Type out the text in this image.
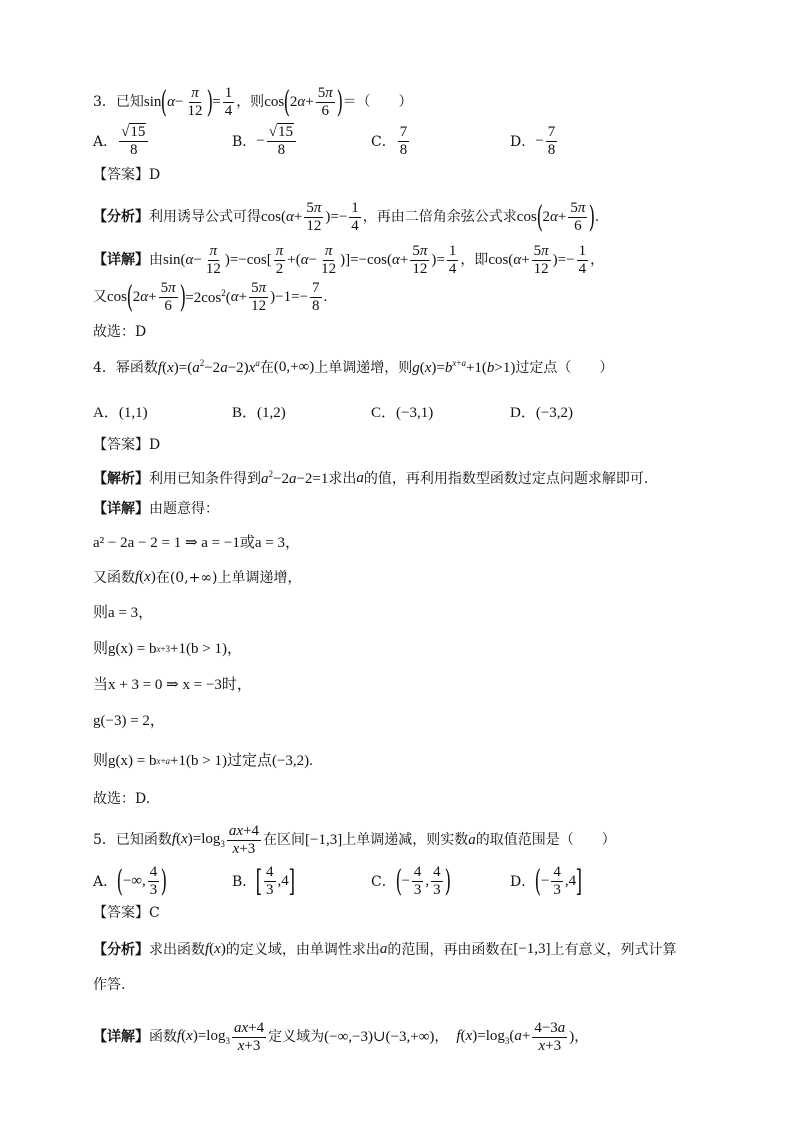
3．已知 sin ( $\alpha - \frac{\pi}{12}$ ) = $\frac{1}{4}$ ，则 cos ( 2 $\alpha + \frac{5\pi}{6}$ ) ＝（　　）
A． $\frac{√15}{8}$	B． − $\frac{√15}{8}$	C． $\frac{7}{8}$	D． − $\frac{7}{8}$
【答案】D
【分析】 利用诱导公式可得 cos( $\alpha + \frac{5\pi}{12}$ )=− $\frac{1}{4}$ ，再由二倍角余弦公式求 cos ( 2 $\alpha + \frac{5\pi}{6}$ ) .
【详解】 由 sin( $\alpha - \frac{\pi}{12} )=-\cos[ \frac{\pi}{2}$ +( $\alpha - \frac{\pi}{12} )]=-\cos$( $\alpha + \frac{5\pi}{12}$ )= $\frac{1}{4}$ ，即 cos( $\alpha + \frac{5\pi}{12}$ )=− $\frac{1}{4}$ ，
又 cos ( 2 $\alpha + \frac{5\pi}{6}$ ) $=2\cos^2$( $\alpha + \frac{5\pi}{12} )-1=- \frac{7}{8}$ .
故选：D
4．幂函数 $f(x)=(a^2-2a-2)x^a$ 在 (0,+∞) 上单调递增，则 $g(x)=b^{x+a}+1(b>1)$ 过定点（　　）
A．(1,1)	B．(1,2)	C．(−3,1)	D．(−3,2)
【答案】D
【解析】 利用已知条件得到 $a^2-2a-2=1$ 求出 a 的值，再利用指数型函数过定点问题求解即可.
【详解】 由题意得：
a² − 2a − 2 = 1 ⇒ a = −1或a = 3，
又函数 f(x) 在(0,+∞)上单调递增，
则a = 3，
则g(x) = b x+3 +1(b > 1)，
当x + 3 = 0 ⇒ x = −3时，
g(−3) = 2，
则g(x) = b x+a +1(b > 1)过定点(−3,2).
故选：D.
5．已知函数 $f(x)=\log_3 \frac{ax+4}{x+3}$ 在区间 [−1,3] 上单调递减，则实数 a 的取值范围是（　　）
A． ( −∞, $\frac{4}{3}$ )	B． [ $\frac{4}{3} ,4$ ]	C． ( − $\frac{4}{3}$ , $\frac{4}{3}$ )	D． ( − $\frac{4}{3} ,4$ ]
【答案】C
【分析】 求出函数 f(x) 的定义域，由单调性求出 a 的范围，再由函数在 [−1,3] 上有意义，列式计算
作答.
【详解】 函数 $f(x)=\log_3 \frac{ax+4}{x+3}$ 定义域为 (−∞,−3)∪(−3,+∞) ， $f(x)=\log_3(a+ \frac{4-3a}{x+3}$ ) ，
